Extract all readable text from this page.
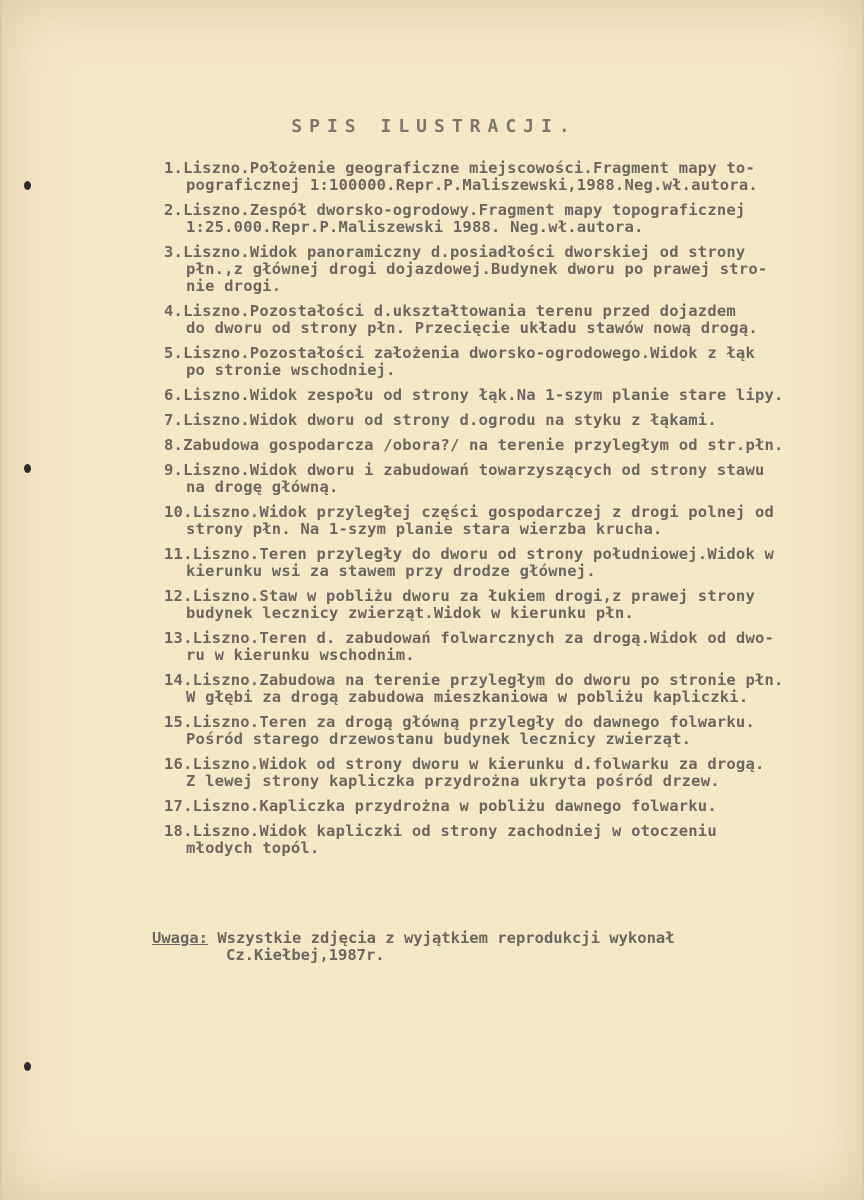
SPIS ILUSTRACJI.
1.Liszno.Położenie geograficzne miejscowości.Fragment mapy to-
pograficznej 1:100000.Repr.P.Maliszewski,1988.Neg.wł.autora.
2.Liszno.Zespół dworsko-ogrodowy.Fragment mapy topograficznej
1:25.000.Repr.P.Maliszewski 1988. Neg.wł.autora.
3.Liszno.Widok panoramiczny d.posiadłości dworskiej od strony
płn.,z głównej drogi dojazdowej.Budynek dworu po prawej stro-
nie drogi.
4.Liszno.Pozostałości d.ukształtowania terenu przed dojazdem
do dworu od strony płn. Przecięcie układu stawów nową drogą.
5.Liszno.Pozostałości założenia dworsko-ogrodowego.Widok z łąk
po stronie wschodniej.
6.Liszno.Widok zespołu od strony łąk.Na 1-szym planie stare lipy.
7.Liszno.Widok dworu od strony d.ogrodu na styku z łąkami.
8.Zabudowa gospodarcza /obora?/ na terenie przyległym od str.płn.
9.Liszno.Widok dworu i zabudowań towarzyszących od strony stawu
na drogę główną.
10.Liszno.Widok przyległej części gospodarczej z drogi polnej od
strony płn. Na 1-szym planie stara wierzba krucha.
11.Liszno.Teren przyległy do dworu od strony południowej.Widok w
kierunku wsi za stawem przy drodze głównej.
12.Liszno.Staw w pobliżu dworu za łukiem drogi,z prawej strony
budynek lecznicy zwierząt.Widok w kierunku płn.
13.Liszno.Teren d. zabudowań folwarcznych za drogą.Widok od dwo-
ru w kierunku wschodnim.
14.Liszno.Zabudowa na terenie przyległym do dworu po stronie płn.
W głębi za drogą zabudowa mieszkaniowa w pobliżu kapliczki.
15.Liszno.Teren za drogą główną przyległy do dawnego folwarku.
Pośród starego drzewostanu budynek lecznicy zwierząt.
16.Liszno.Widok od strony dworu w kierunku d.folwarku za drogą.
Z lewej strony kapliczka przydrożna ukryta pośród drzew.
17.Liszno.Kapliczka przydrożna w pobliżu dawnego folwarku.
18.Liszno.Widok kapliczki od strony zachodniej w otoczeniu
młodych topól.
Uwaga: Wszystkie zdjęcia z wyjątkiem reprodukcji wykonał
Cz.Kiełbej,1987r.
